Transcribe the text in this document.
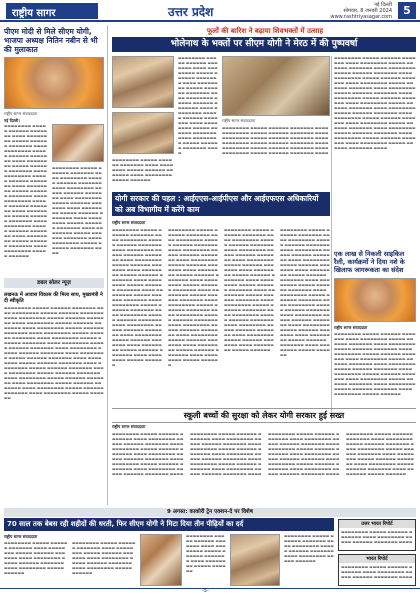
राष्ट्रीय सागर	उत्तर प्रदेश	नई दिल्ली
सोमवार, 8 जनवरी 2024
www.rashtriyasagar.com	5
पीएम मोदी से मिले सीएम योगी, भाजपा अध्यक्ष नितिन नबीन से भी की मुलाकात
राष्ट्रीय सागर संवाददाता
नई दिल्ली।
▬▬▬▬▬▬▬▬ ▬▬▬▬▬ ▬▬▬▬▬▬ ▬▬▬▬▬▬▬ ▬▬▬▬ ▬▬▬▬▬▬▬▬ ▬▬▬▬▬ ▬▬▬▬▬▬ ▬▬▬▬▬▬▬ ▬▬▬▬ ▬▬▬▬▬▬▬▬ ▬▬▬▬▬ ▬▬▬▬▬▬ ▬▬▬▬▬▬▬ ▬▬▬▬ ▬▬▬▬▬▬▬▬ ▬▬▬▬▬ ▬▬▬▬▬▬ ▬▬▬▬▬▬▬ ▬▬▬▬ ▬▬▬▬▬▬▬▬ ▬▬▬▬▬ ▬▬▬▬▬▬ ▬▬▬▬▬▬▬ ▬▬▬▬ ▬▬▬▬▬▬▬▬ ▬▬▬▬▬ ▬▬▬▬▬▬ ▬▬▬▬▬▬▬ ▬▬▬▬ ▬▬▬▬▬▬▬▬ ▬▬▬▬▬ ▬▬▬▬▬▬ ▬▬▬▬▬▬▬ ▬▬▬▬ ▬▬▬▬▬▬▬▬ ▬▬▬▬▬ ▬▬▬▬▬▬ ▬▬▬▬▬▬▬ ▬▬▬▬ ▬▬▬▬▬▬▬▬ ▬▬▬▬▬ ▬▬▬▬▬▬ ▬▬▬▬▬▬▬ ▬▬▬▬ ▬▬▬▬▬▬▬▬ ▬▬▬▬▬ ▬▬▬▬▬▬ ▬▬▬▬▬▬▬ ▬▬▬▬ ▬▬▬▬▬▬▬▬ ▬▬▬▬▬ ▬▬▬▬▬▬
▬▬▬▬▬▬▬▬ ▬▬▬▬▬ ▬▬▬▬▬▬ ▬▬▬▬▬▬▬ ▬▬▬▬ ▬▬▬▬▬▬▬▬ ▬▬▬▬▬ ▬▬▬▬▬▬ ▬▬▬▬▬▬▬ ▬▬▬▬ ▬▬▬▬▬▬▬▬ ▬▬▬▬▬ ▬▬▬▬▬▬ ▬▬▬▬▬▬▬ ▬▬▬▬ ▬▬▬▬▬▬▬▬ ▬▬▬▬▬ ▬▬▬▬▬▬ ▬▬▬▬▬▬▬ ▬▬▬▬ ▬▬▬▬▬▬▬▬ ▬▬▬▬▬ ▬▬▬▬▬▬ ▬▬▬▬▬▬▬ ▬▬▬▬ ▬▬▬▬▬▬▬▬ ▬▬▬▬▬ ▬▬▬▬▬▬ ▬▬▬▬▬▬▬ ▬▬▬▬ ▬▬▬▬▬▬▬▬ ▬▬▬▬▬ ▬▬▬▬▬▬ ▬▬▬▬▬▬▬ ▬▬▬▬ ▬▬▬▬▬▬▬▬ ▬▬▬▬▬ ▬▬▬▬▬▬ ▬▬▬▬▬▬▬ ▬▬▬▬
डबल सोलर न्यूज़
लखनऊ में आवास विकास की मिला साथ, मुख्यमंत्री ने दी स्वीकृति
▬▬▬▬▬▬▬▬ ▬▬▬▬▬ ▬▬▬▬▬▬ ▬▬▬▬▬▬▬ ▬▬▬▬ ▬▬▬▬▬▬▬▬ ▬▬▬▬▬ ▬▬▬▬▬▬ ▬▬▬▬▬▬▬ ▬▬▬▬ ▬▬▬▬▬▬▬▬ ▬▬▬▬▬ ▬▬▬▬▬▬ ▬▬▬▬▬▬▬ ▬▬▬▬ ▬▬▬▬▬▬▬▬ ▬▬▬▬▬ ▬▬▬▬▬▬ ▬▬▬▬▬▬▬ ▬▬▬▬ ▬▬▬▬▬▬▬▬ ▬▬▬▬▬ ▬▬▬▬▬▬ ▬▬▬▬▬▬▬ ▬▬▬▬ ▬▬▬▬▬▬▬▬ ▬▬▬▬▬ ▬▬▬▬▬▬ ▬▬▬▬▬▬▬ ▬▬▬▬ ▬▬▬▬▬▬▬▬ ▬▬▬▬▬ ▬▬▬▬▬▬ ▬▬▬▬▬▬▬ ▬▬▬▬ ▬▬▬▬▬▬▬▬ ▬▬▬▬▬ ▬▬▬▬▬▬ ▬▬▬▬▬▬▬ ▬▬▬▬ ▬▬▬▬▬▬▬▬ ▬▬▬▬▬ ▬▬▬▬▬▬ ▬▬▬▬▬▬▬ ▬▬▬▬ ▬▬▬▬▬▬▬▬ ▬▬▬▬▬ ▬▬▬▬▬▬ ▬▬▬▬▬▬▬ ▬▬▬▬ ▬▬▬▬▬▬▬▬ ▬▬▬▬▬ ▬▬▬▬▬▬ ▬▬▬▬▬▬▬ ▬▬▬▬ ▬▬▬▬▬▬▬▬ ▬▬▬▬▬ ▬▬▬▬▬▬ ▬▬▬▬▬▬▬ ▬▬▬▬ ▬▬▬▬▬▬▬▬ ▬▬▬▬▬ ▬▬▬▬▬▬ ▬▬▬▬▬▬▬ ▬▬▬▬ ▬▬▬▬▬▬▬▬ ▬▬▬▬▬ ▬▬▬▬▬▬ ▬▬▬▬▬▬▬ ▬▬▬▬ ▬▬▬▬▬▬▬▬ ▬▬▬▬▬ ▬▬▬▬▬▬ ▬▬▬▬▬▬▬ ▬▬▬▬ ▬▬▬▬▬▬▬▬ ▬▬▬▬▬ ▬▬▬▬▬▬ ▬▬▬▬▬▬▬ ▬▬▬▬ ▬▬▬▬▬▬▬▬ ▬▬▬▬▬ ▬▬▬▬▬▬
फूलों की बारिश ने बढ़ाया शिवभक्तों में उत्साह
भोलेनाथ के भक्तों पर सीएम योगी ने मेरठ में की पुष्पवर्षा
▬▬▬▬▬▬▬▬ ▬▬▬▬▬ ▬▬▬▬▬▬ ▬▬▬▬▬▬▬ ▬▬▬▬ ▬▬▬▬▬▬▬▬ ▬▬▬▬▬ ▬▬▬▬▬▬ ▬▬▬▬▬▬▬ ▬▬▬▬ ▬▬▬▬▬▬▬▬ ▬▬▬▬▬ ▬▬▬▬▬▬ ▬▬▬▬▬▬▬ ▬▬▬▬ ▬▬▬▬▬▬▬▬ ▬▬▬▬▬ ▬▬▬▬▬▬ ▬▬▬▬▬▬▬ ▬▬▬▬ ▬▬▬▬▬▬▬▬ ▬▬▬▬▬ ▬▬▬▬▬▬ ▬▬▬▬▬▬▬ ▬▬▬▬ ▬▬▬▬▬▬▬▬ ▬▬▬▬▬ ▬▬▬▬▬▬ ▬▬▬▬▬▬▬ ▬▬▬▬ ▬▬▬▬▬▬▬▬ ▬▬▬▬▬ ▬▬▬▬▬▬ ▬▬▬▬▬▬▬ ▬▬▬▬
राष्ट्रीय सागर संवाददाता
▬▬▬▬▬▬▬▬ ▬▬▬▬▬ ▬▬▬▬▬▬ ▬▬▬▬▬▬▬ ▬▬▬▬ ▬▬▬▬▬▬▬▬ ▬▬▬▬▬ ▬▬▬▬▬▬ ▬▬▬▬▬▬▬ ▬▬▬▬ ▬▬▬▬▬▬▬▬ ▬▬▬▬▬ ▬▬▬▬▬▬ ▬▬▬▬▬▬▬ ▬▬▬▬ ▬▬▬▬▬▬▬▬ ▬▬▬▬▬ ▬▬▬▬▬▬ ▬▬▬▬▬▬▬ ▬▬▬▬ ▬▬▬▬▬▬▬▬ ▬▬▬▬▬ ▬▬▬▬▬▬ ▬▬▬▬▬▬▬ ▬▬▬▬ ▬▬▬▬▬▬▬▬ ▬▬▬▬▬ ▬▬▬▬▬▬ ▬▬▬▬▬▬▬ ▬▬▬▬ ▬▬▬▬▬▬▬▬ ▬▬▬▬▬ ▬▬▬▬▬▬ ▬▬▬▬▬▬▬ ▬▬▬▬ ▬▬▬▬▬▬▬▬ ▬▬▬▬▬ ▬▬▬▬▬▬ ▬▬▬▬▬▬▬ ▬▬▬▬ ▬▬▬▬▬▬▬▬ ▬▬▬▬▬ ▬▬▬▬▬▬ ▬▬▬▬▬▬▬ ▬▬▬▬ ▬▬▬▬▬▬▬▬ ▬▬▬▬▬ ▬▬▬▬▬▬ ▬▬▬▬▬▬▬ ▬▬▬▬ ▬▬▬▬▬▬▬▬ ▬▬▬▬▬ ▬▬▬▬▬▬ ▬▬▬▬▬▬▬ ▬▬▬▬ ▬▬▬▬▬▬▬▬ ▬▬▬▬▬ ▬▬▬▬▬▬ ▬▬▬▬▬▬▬ ▬▬▬▬ ▬▬▬▬▬▬▬▬ ▬▬▬▬▬ ▬▬▬▬▬▬ ▬▬▬▬▬▬▬ ▬▬▬▬ ▬▬▬▬▬▬▬▬ ▬▬▬▬▬ ▬▬▬▬▬▬ ▬▬▬▬▬▬▬ ▬▬▬▬
▬▬▬▬▬▬▬▬ ▬▬▬▬▬ ▬▬▬▬▬▬ ▬▬▬▬▬▬▬ ▬▬▬▬ ▬▬▬▬▬▬▬▬ ▬▬▬▬▬ ▬▬▬▬▬▬ ▬▬▬▬▬▬▬ ▬▬▬▬ ▬▬▬▬▬▬▬▬ ▬▬▬▬▬ ▬▬▬▬▬▬
▬▬▬▬▬▬▬▬ ▬▬▬▬▬ ▬▬▬▬▬▬ ▬▬▬▬▬▬▬ ▬▬▬▬ ▬▬▬▬▬▬▬▬ ▬▬▬▬▬ ▬▬▬▬▬▬ ▬▬▬▬▬▬▬ ▬▬▬▬ ▬▬▬▬▬▬▬▬ ▬▬▬▬▬ ▬▬▬▬▬▬ ▬▬▬▬▬▬▬ ▬▬▬▬ ▬▬▬▬▬▬▬▬ ▬▬▬▬▬ ▬▬▬▬▬▬ ▬▬▬▬▬▬▬ ▬▬▬▬ ▬▬▬▬▬▬▬▬ ▬▬▬▬▬ ▬▬▬▬▬▬ ▬▬▬▬▬▬▬ ▬▬▬▬ ▬▬▬▬▬▬▬▬ ▬▬▬▬▬ ▬▬▬▬▬▬ ▬▬▬▬▬▬▬ ▬▬▬▬
योगी सरकार की पहल : आईएएस-आईपीएस और आईएफएस अधिकारियों को अब विभागीय में करेंगे काम
राष्ट्रीय सागर संवाददाता
▬▬▬▬▬▬▬▬ ▬▬▬▬▬ ▬▬▬▬▬▬ ▬▬▬▬▬▬▬ ▬▬▬▬ ▬▬▬▬▬▬▬▬ ▬▬▬▬▬ ▬▬▬▬▬▬ ▬▬▬▬▬▬▬ ▬▬▬▬ ▬▬▬▬▬▬▬▬ ▬▬▬▬▬ ▬▬▬▬▬▬ ▬▬▬▬▬▬▬ ▬▬▬▬ ▬▬▬▬▬▬▬▬ ▬▬▬▬▬ ▬▬▬▬▬▬ ▬▬▬▬▬▬▬ ▬▬▬▬ ▬▬▬▬▬▬▬▬ ▬▬▬▬▬ ▬▬▬▬▬▬ ▬▬▬▬▬▬▬ ▬▬▬▬ ▬▬▬▬▬▬▬▬ ▬▬▬▬▬ ▬▬▬▬▬▬ ▬▬▬▬▬▬▬ ▬▬▬▬ ▬▬▬▬▬▬▬▬ ▬▬▬▬▬ ▬▬▬▬▬▬ ▬▬▬▬▬▬▬ ▬▬▬▬ ▬▬▬▬▬▬▬▬ ▬▬▬▬▬ ▬▬▬▬▬▬ ▬▬▬▬▬▬▬ ▬▬▬▬ ▬▬▬▬▬▬▬▬ ▬▬▬▬▬ ▬▬▬▬▬▬ ▬▬▬▬▬▬▬ ▬▬▬▬ ▬▬▬▬▬▬▬▬ ▬▬▬▬▬ ▬▬▬▬▬▬ ▬▬▬▬▬▬▬ ▬▬▬▬ ▬▬▬▬▬▬▬▬ ▬▬▬▬▬ ▬▬▬▬▬▬ ▬▬▬▬▬▬▬ ▬▬▬▬ ▬▬▬▬▬▬▬▬ ▬▬▬▬▬ ▬▬▬▬▬▬ ▬▬▬▬▬▬▬ ▬▬▬▬ ▬▬▬▬▬▬▬▬ ▬▬▬▬▬ ▬▬▬▬▬▬
▬▬▬▬▬▬▬▬ ▬▬▬▬▬ ▬▬▬▬▬▬ ▬▬▬▬▬▬▬ ▬▬▬▬ ▬▬▬▬▬▬▬▬ ▬▬▬▬▬ ▬▬▬▬▬▬ ▬▬▬▬▬▬▬ ▬▬▬▬ ▬▬▬▬▬▬▬▬ ▬▬▬▬▬ ▬▬▬▬▬▬ ▬▬▬▬▬▬▬ ▬▬▬▬ ▬▬▬▬▬▬▬▬ ▬▬▬▬▬ ▬▬▬▬▬▬ ▬▬▬▬▬▬▬ ▬▬▬▬ ▬▬▬▬▬▬▬▬ ▬▬▬▬▬ ▬▬▬▬▬▬ ▬▬▬▬▬▬▬ ▬▬▬▬ ▬▬▬▬▬▬▬▬ ▬▬▬▬▬ ▬▬▬▬▬▬ ▬▬▬▬▬▬▬ ▬▬▬▬ ▬▬▬▬▬▬▬▬ ▬▬▬▬▬ ▬▬▬▬▬▬ ▬▬▬▬▬▬▬ ▬▬▬▬ ▬▬▬▬▬▬▬▬ ▬▬▬▬▬ ▬▬▬▬▬▬ ▬▬▬▬▬▬▬ ▬▬▬▬ ▬▬▬▬▬▬▬▬ ▬▬▬▬▬ ▬▬▬▬▬▬ ▬▬▬▬▬▬▬ ▬▬▬▬ ▬▬▬▬▬▬▬▬ ▬▬▬▬▬ ▬▬▬▬▬▬ ▬▬▬▬▬▬▬ ▬▬▬▬ ▬▬▬▬▬▬▬▬ ▬▬▬▬▬ ▬▬▬▬▬▬ ▬▬▬▬▬▬▬ ▬▬▬▬ ▬▬▬▬▬▬▬▬ ▬▬▬▬▬ ▬▬▬▬▬▬ ▬▬▬▬▬▬▬ ▬▬▬▬ ▬▬▬▬▬▬▬▬ ▬▬▬▬▬ ▬▬▬▬▬▬
▬▬▬▬▬▬▬▬ ▬▬▬▬▬ ▬▬▬▬▬▬ ▬▬▬▬▬▬▬ ▬▬▬▬ ▬▬▬▬▬▬▬▬ ▬▬▬▬▬ ▬▬▬▬▬▬ ▬▬▬▬▬▬▬ ▬▬▬▬ ▬▬▬▬▬▬▬▬ ▬▬▬▬▬ ▬▬▬▬▬▬ ▬▬▬▬▬▬▬ ▬▬▬▬ ▬▬▬▬▬▬▬▬ ▬▬▬▬▬ ▬▬▬▬▬▬ ▬▬▬▬▬▬▬ ▬▬▬▬ ▬▬▬▬▬▬▬▬ ▬▬▬▬▬ ▬▬▬▬▬▬ ▬▬▬▬▬▬▬ ▬▬▬▬ ▬▬▬▬▬▬▬▬ ▬▬▬▬▬ ▬▬▬▬▬▬ ▬▬▬▬▬▬▬ ▬▬▬▬ ▬▬▬▬▬▬▬▬ ▬▬▬▬▬ ▬▬▬▬▬▬ ▬▬▬▬▬▬▬ ▬▬▬▬ ▬▬▬▬▬▬▬▬ ▬▬▬▬▬ ▬▬▬▬▬▬ ▬▬▬▬▬▬▬ ▬▬▬▬ ▬▬▬▬▬▬▬▬ ▬▬▬▬▬ ▬▬▬▬▬▬ ▬▬▬▬▬▬▬ ▬▬▬▬ ▬▬▬▬▬▬▬▬ ▬▬▬▬▬ ▬▬▬▬▬▬ ▬▬▬▬▬▬▬ ▬▬▬▬ ▬▬▬▬▬▬▬▬ ▬▬▬▬▬ ▬▬▬▬▬▬ ▬▬▬▬▬▬▬ ▬▬▬▬ ▬▬▬▬▬▬▬▬ ▬▬▬▬▬ ▬▬▬▬▬▬
▬▬▬▬▬▬▬▬ ▬▬▬▬▬ ▬▬▬▬▬▬ ▬▬▬▬▬▬▬ ▬▬▬▬ ▬▬▬▬▬▬▬▬ ▬▬▬▬▬ ▬▬▬▬▬▬ ▬▬▬▬▬▬▬ ▬▬▬▬ ▬▬▬▬▬▬▬▬ ▬▬▬▬▬ ▬▬▬▬▬▬ ▬▬▬▬▬▬▬ ▬▬▬▬ ▬▬▬▬▬▬▬▬ ▬▬▬▬▬ ▬▬▬▬▬▬ ▬▬▬▬▬▬▬ ▬▬▬▬ ▬▬▬▬▬▬▬▬ ▬▬▬▬▬ ▬▬▬▬▬▬ ▬▬▬▬▬▬▬ ▬▬▬▬ ▬▬▬▬▬▬▬▬ ▬▬▬▬▬ ▬▬▬▬▬▬ ▬▬▬▬▬▬▬ ▬▬▬▬ ▬▬▬▬▬▬▬▬ ▬▬▬▬▬ ▬▬▬▬▬▬ ▬▬▬▬▬▬▬ ▬▬▬▬ ▬▬▬▬▬▬▬▬ ▬▬▬▬▬ ▬▬▬▬▬▬ ▬▬▬▬▬▬▬ ▬▬▬▬ ▬▬▬▬▬▬▬▬ ▬▬▬▬▬ ▬▬▬▬▬▬ ▬▬▬▬▬▬▬ ▬▬▬▬ ▬▬▬▬▬▬▬▬ ▬▬▬▬▬ ▬▬▬▬▬▬ ▬▬▬▬▬▬▬ ▬▬▬▬ ▬▬▬▬▬▬▬▬ ▬▬▬▬▬ ▬▬▬▬▬▬ ▬▬▬▬▬▬▬ ▬▬▬▬ ▬▬▬▬▬▬▬▬ ▬▬▬▬▬ ▬▬▬▬▬▬
एक लाख से निकली साइकिल रैली, कार्यक्रमों ने दिया नशे के खिलाफ जागरूकता का संदेश
राष्ट्रीय सागर संवाददाता
▬▬▬▬▬▬▬▬ ▬▬▬▬▬ ▬▬▬▬▬▬ ▬▬▬▬▬▬▬ ▬▬▬▬ ▬▬▬▬▬▬▬▬ ▬▬▬▬▬ ▬▬▬▬▬▬ ▬▬▬▬▬▬▬ ▬▬▬▬ ▬▬▬▬▬▬▬▬ ▬▬▬▬▬ ▬▬▬▬▬▬ ▬▬▬▬▬▬▬ ▬▬▬▬ ▬▬▬▬▬▬▬▬ ▬▬▬▬▬ ▬▬▬▬▬▬ ▬▬▬▬▬▬▬ ▬▬▬▬ ▬▬▬▬▬▬▬▬ ▬▬▬▬▬ ▬▬▬▬▬▬ ▬▬▬▬▬▬▬ ▬▬▬▬ ▬▬▬▬▬▬▬▬ ▬▬▬▬▬ ▬▬▬▬▬▬ ▬▬▬▬▬▬▬ ▬▬▬▬ ▬▬▬▬▬▬▬▬ ▬▬▬▬▬ ▬▬▬▬▬▬ ▬▬▬▬▬▬▬ ▬▬▬▬ ▬▬▬▬▬▬▬▬ ▬▬▬▬▬ ▬▬▬▬▬▬ ▬▬▬▬▬▬▬ ▬▬▬▬ ▬▬▬▬▬▬▬▬ ▬▬▬▬▬ ▬▬▬▬▬▬ ▬▬▬▬▬▬▬ ▬▬▬▬ ▬▬▬▬▬▬▬▬ ▬▬▬▬▬ ▬▬▬▬▬▬
स्कूली बच्चों की सुरक्षा को लेकर योगी सरकार हुई सख्त
राष्ट्रीय सागर संवाददाता
▬▬▬▬▬▬▬▬ ▬▬▬▬▬ ▬▬▬▬▬▬ ▬▬▬▬▬▬▬ ▬▬▬▬ ▬▬▬▬▬▬▬▬ ▬▬▬▬▬ ▬▬▬▬▬▬ ▬▬▬▬▬▬▬ ▬▬▬▬ ▬▬▬▬▬▬▬▬ ▬▬▬▬▬ ▬▬▬▬▬▬ ▬▬▬▬▬▬▬ ▬▬▬▬ ▬▬▬▬▬▬▬▬ ▬▬▬▬▬ ▬▬▬▬▬▬ ▬▬▬▬▬▬▬ ▬▬▬▬ ▬▬▬▬▬▬▬▬ ▬▬▬▬▬ ▬▬▬▬▬▬ ▬▬▬▬▬▬▬ ▬▬▬▬ ▬▬▬▬▬▬▬▬ ▬▬▬▬▬ ▬▬▬▬▬▬ ▬▬▬▬▬▬▬ ▬▬▬▬
▬▬▬▬▬▬▬▬ ▬▬▬▬▬ ▬▬▬▬▬▬ ▬▬▬▬▬▬▬ ▬▬▬▬ ▬▬▬▬▬▬▬▬ ▬▬▬▬▬ ▬▬▬▬▬▬ ▬▬▬▬▬▬▬ ▬▬▬▬ ▬▬▬▬▬▬▬▬ ▬▬▬▬▬ ▬▬▬▬▬▬ ▬▬▬▬▬▬▬ ▬▬▬▬ ▬▬▬▬▬▬▬▬ ▬▬▬▬▬ ▬▬▬▬▬▬ ▬▬▬▬▬▬▬ ▬▬▬▬ ▬▬▬▬▬▬▬▬ ▬▬▬▬▬ ▬▬▬▬▬▬ ▬▬▬▬▬▬▬ ▬▬▬▬ ▬▬▬▬▬▬▬▬ ▬▬▬▬▬ ▬▬▬▬▬▬ ▬▬▬▬▬▬▬ ▬▬▬▬
▬▬▬▬▬▬▬▬ ▬▬▬▬▬ ▬▬▬▬▬▬ ▬▬▬▬▬▬▬ ▬▬▬▬ ▬▬▬▬▬▬▬▬ ▬▬▬▬▬ ▬▬▬▬▬▬ ▬▬▬▬▬▬▬ ▬▬▬▬ ▬▬▬▬▬▬▬▬ ▬▬▬▬▬ ▬▬▬▬▬▬ ▬▬▬▬▬▬▬ ▬▬▬▬ ▬▬▬▬▬▬▬▬ ▬▬▬▬▬ ▬▬▬▬▬▬ ▬▬▬▬▬▬▬ ▬▬▬▬ ▬▬▬▬▬▬▬▬ ▬▬▬▬▬ ▬▬▬▬▬▬ ▬▬▬▬▬▬▬ ▬▬▬▬ ▬▬▬▬▬▬▬▬ ▬▬▬▬▬ ▬▬▬▬▬▬ ▬▬▬▬▬▬▬ ▬▬▬▬
▬▬▬▬▬▬▬▬ ▬▬▬▬▬ ▬▬▬▬▬▬ ▬▬▬▬▬▬▬ ▬▬▬▬ ▬▬▬▬▬▬▬▬ ▬▬▬▬▬ ▬▬▬▬▬▬ ▬▬▬▬▬▬▬ ▬▬▬▬ ▬▬▬▬▬▬▬▬ ▬▬▬▬▬ ▬▬▬▬▬▬ ▬▬▬▬▬▬▬ ▬▬▬▬ ▬▬▬▬▬▬▬▬ ▬▬▬▬▬ ▬▬▬▬▬▬ ▬▬▬▬▬▬▬ ▬▬▬▬ ▬▬▬▬▬▬▬▬ ▬▬▬▬▬ ▬▬▬▬▬▬ ▬▬▬▬▬▬▬ ▬▬▬▬ ▬▬▬▬▬▬▬▬ ▬▬▬▬▬ ▬▬▬▬▬▬
9 अगस्त: काकोरी ट्रेन एक्शन-दे पर विशेष
70 साल तक बेबस रही शहीदों की धरती, फिर सीएम योगी ने मिटा दिया तीन पीढ़ियों का दर्द
राष्ट्रीय सागर संवाददाता
▬▬▬▬▬▬▬▬ ▬▬▬▬▬ ▬▬▬▬▬▬ ▬▬▬▬▬▬▬ ▬▬▬▬ ▬▬▬▬▬▬▬▬ ▬▬▬▬▬ ▬▬▬▬▬▬ ▬▬▬▬▬▬▬ ▬▬▬▬ ▬▬▬▬▬▬▬▬ ▬▬▬▬▬ ▬▬▬▬▬▬ ▬▬▬▬▬▬▬ ▬▬▬▬ ▬▬▬▬▬▬▬▬ ▬▬▬▬▬ ▬▬▬▬▬▬
▬▬▬▬▬▬▬▬ ▬▬▬▬▬ ▬▬▬▬▬▬ ▬▬▬▬▬▬▬ ▬▬▬▬ ▬▬▬▬▬▬▬▬ ▬▬▬▬▬ ▬▬▬▬▬▬ ▬▬▬▬▬▬▬ ▬▬▬▬ ▬▬▬▬▬▬▬▬ ▬▬▬▬▬ ▬▬▬▬▬▬ ▬▬▬▬▬▬▬ ▬▬▬▬ ▬▬▬▬▬▬▬▬ ▬▬▬▬▬ ▬▬▬▬▬▬
▬▬▬▬▬▬▬▬ ▬▬▬▬▬ ▬▬▬▬▬▬ ▬▬▬▬▬▬▬ ▬▬▬▬ ▬▬▬▬▬▬▬▬ ▬▬▬▬▬ ▬▬▬▬▬▬ ▬▬▬▬▬▬▬ ▬▬▬▬ ▬▬▬▬▬▬▬▬ ▬▬▬▬▬ ▬▬▬▬▬▬
▬▬▬▬▬▬▬▬ ▬▬▬▬▬ ▬▬▬▬▬▬ ▬▬▬▬▬▬▬ ▬▬▬▬ ▬▬▬▬▬▬▬▬ ▬▬▬▬▬ ▬▬▬▬▬▬ ▬▬▬▬▬▬▬ ▬▬▬▬ ▬▬▬▬▬▬▬▬ ▬▬▬▬▬ ▬▬▬▬▬▬
उत्तर भारत रिपोर्ट
▬▬▬▬▬▬▬▬ ▬▬▬▬▬ ▬▬▬▬▬▬ ▬▬▬▬▬▬▬ ▬▬▬▬ ▬▬▬▬▬▬▬▬ ▬▬▬▬▬ ▬▬▬▬▬▬ ▬▬▬▬▬▬▬ ▬▬▬▬
भारत रिपोर्ट
▬▬▬▬▬▬▬▬ ▬▬▬▬▬ ▬▬▬▬▬▬ ▬▬▬▬▬▬▬ ▬▬▬▬ ▬▬▬▬▬▬▬▬ ▬▬▬▬▬ ▬▬▬▬▬▬ ▬▬▬▬▬▬▬ ▬▬▬▬
-5-
